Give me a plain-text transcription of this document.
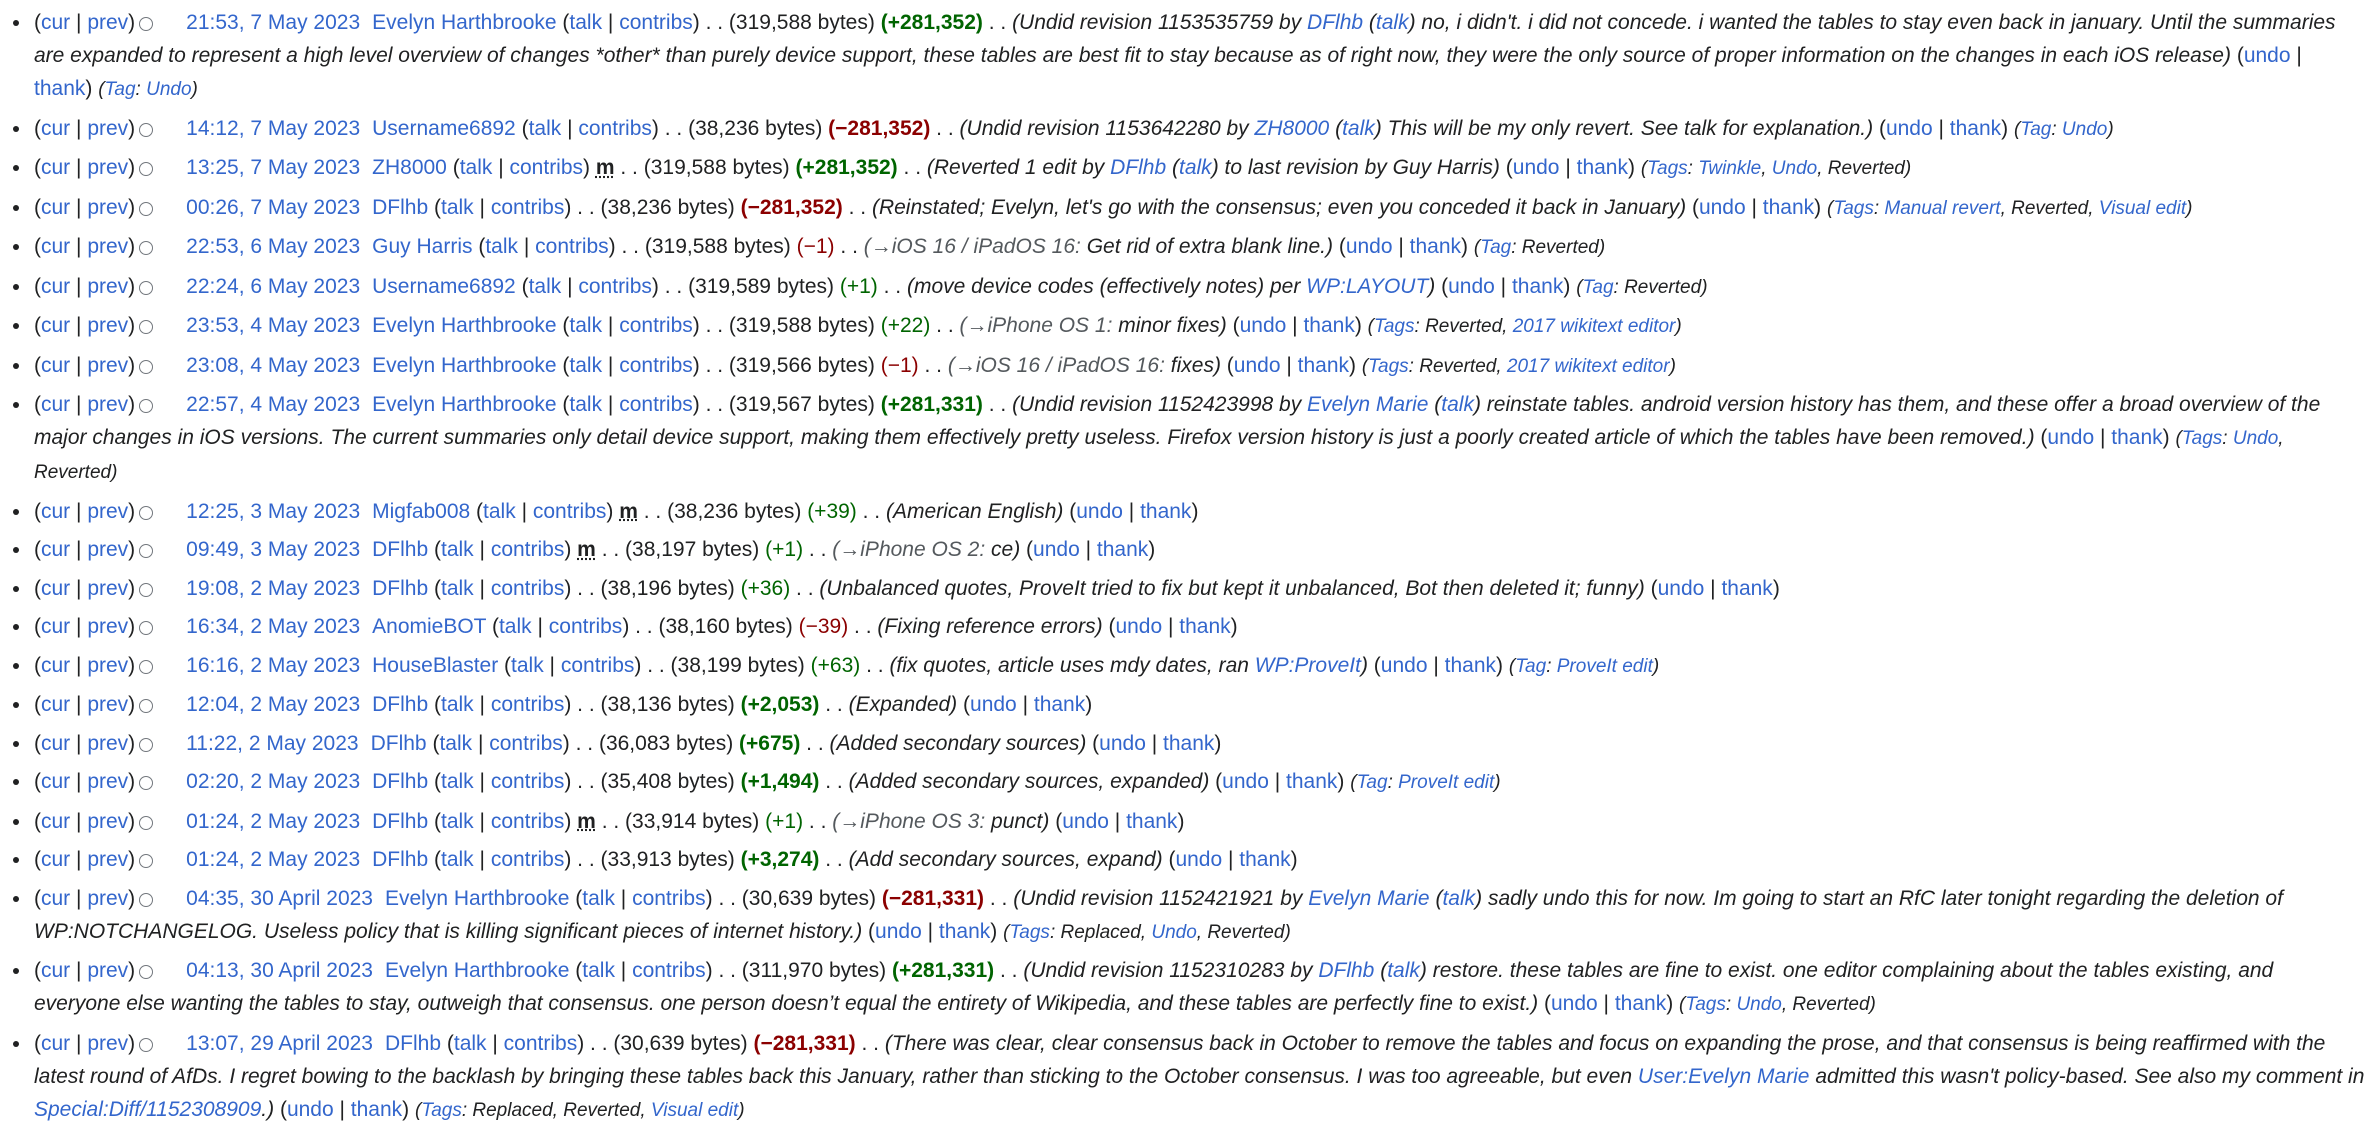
(cur | prev) 21:53, 7 May 2023 Evelyn Harthbrooke (talk | contribs) . . (319,588 bytes) (+281,352) . . (Undid revision 1153535759 by DFlhb (talk) no, i didn't. i did not concede. i wanted the tables to stay even back in january. Until the summaries are expanded to represent a high level overview of changes *other* than purely device support, these tables are best fit to stay because as of right now, they were the only source of proper information on the changes in each iOS release) (undo | thank) (Tag: Undo)
(cur | prev) 14:12, 7 May 2023 Username6892 (talk | contribs) . . (38,236 bytes) (−281,352) . . (Undid revision 1153642280 by ZH8000 (talk) This will be my only revert. See talk for explanation.) (undo | thank) (Tag: Undo)
(cur | prev) 13:25, 7 May 2023 ZH8000 (talk | contribs) m . . (319,588 bytes) (+281,352) . . (Reverted 1 edit by DFlhb (talk) to last revision by Guy Harris) (undo | thank) (Tags: Twinkle, Undo, Reverted)
(cur | prev) 00:26, 7 May 2023 DFlhb (talk | contribs) . . (38,236 bytes) (−281,352) . . (Reinstated; Evelyn, let's go with the consensus; even you conceded it back in January) (undo | thank) (Tags: Manual revert, Reverted, Visual edit)
(cur | prev) 22:53, 6 May 2023 Guy Harris (talk | contribs) . . (319,588 bytes) (−1) . . (→iOS 16 / iPadOS 16: Get rid of extra blank line.) (undo | thank) (Tag: Reverted)
(cur | prev) 22:24, 6 May 2023 Username6892 (talk | contribs) . . (319,589 bytes) (+1) . . (move device codes (effectively notes) per WP:LAYOUT) (undo | thank) (Tag: Reverted)
(cur | prev) 23:53, 4 May 2023 Evelyn Harthbrooke (talk | contribs) . . (319,588 bytes) (+22) . . (→iPhone OS 1: minor fixes) (undo | thank) (Tags: Reverted, 2017 wikitext editor)
(cur | prev) 23:08, 4 May 2023 Evelyn Harthbrooke (talk | contribs) . . (319,566 bytes) (−1) . . (→iOS 16 / iPadOS 16: fixes) (undo | thank) (Tags: Reverted, 2017 wikitext editor)
(cur | prev) 22:57, 4 May 2023 Evelyn Harthbrooke (talk | contribs) . . (319,567 bytes) (+281,331) . . (Undid revision 1152423998 by Evelyn Marie (talk) reinstate tables. android version history has them, and these offer a broad overview of the major changes in iOS versions. The current summaries only detail device support, making them effectively pretty useless. Firefox version history is just a poorly created article of which the tables have been removed.) (undo | thank) (Tags: Undo, Reverted)
(cur | prev) 12:25, 3 May 2023 Migfab008 (talk | contribs) m . . (38,236 bytes) (+39) . . (American English) (undo | thank)
(cur | prev) 09:49, 3 May 2023 DFlhb (talk | contribs) m . . (38,197 bytes) (+1) . . (→iPhone OS 2: ce) (undo | thank)
(cur | prev) 19:08, 2 May 2023 DFlhb (talk | contribs) . . (38,196 bytes) (+36) . . (Unbalanced quotes, ProveIt tried to fix but kept it unbalanced, Bot then deleted it; funny) (undo | thank)
(cur | prev) 16:34, 2 May 2023 AnomieBOT (talk | contribs) . . (38,160 bytes) (−39) . . (Fixing reference errors) (undo | thank)
(cur | prev) 16:16, 2 May 2023 HouseBlaster (talk | contribs) . . (38,199 bytes) (+63) . . (fix quotes, article uses mdy dates, ran WP:ProveIt) (undo | thank) (Tag: ProveIt edit)
(cur | prev) 12:04, 2 May 2023 DFlhb (talk | contribs) . . (38,136 bytes) (+2,053) . . (Expanded) (undo | thank)
(cur | prev) 11:22, 2 May 2023 DFlhb (talk | contribs) . . (36,083 bytes) (+675) . . (Added secondary sources) (undo | thank)
(cur | prev) 02:20, 2 May 2023 DFlhb (talk | contribs) . . (35,408 bytes) (+1,494) . . (Added secondary sources, expanded) (undo | thank) (Tag: ProveIt edit)
(cur | prev) 01:24, 2 May 2023 DFlhb (talk | contribs) m . . (33,914 bytes) (+1) . . (→iPhone OS 3: punct) (undo | thank)
(cur | prev) 01:24, 2 May 2023 DFlhb (talk | contribs) . . (33,913 bytes) (+3,274) . . (Add secondary sources, expand) (undo | thank)
(cur | prev) 04:35, 30 April 2023 Evelyn Harthbrooke (talk | contribs) . . (30,639 bytes) (−281,331) . . (Undid revision 1152421921 by Evelyn Marie (talk) sadly undo this for now. Im going to start an RfC later tonight regarding the deletion of WP:NOTCHANGELOG. Useless policy that is killing significant pieces of internet history.) (undo | thank) (Tags: Replaced, Undo, Reverted)
(cur | prev) 04:13, 30 April 2023 Evelyn Harthbrooke (talk | contribs) . . (311,970 bytes) (+281,331) . . (Undid revision 1152310283 by DFlhb (talk) restore. these tables are fine to exist. one editor complaining about the tables existing, and everyone else wanting the tables to stay, outweigh that consensus. one person doesn’t equal the entirety of Wikipedia, and these tables are perfectly fine to exist.) (undo | thank) (Tags: Undo, Reverted)
(cur | prev) 13:07, 29 April 2023 DFlhb (talk | contribs) . . (30,639 bytes) (−281,331) . . (There was clear, clear consensus back in October to remove the tables and focus on expanding the prose, and that consensus is being reaffirmed with the latest round of AfDs. I regret bowing to the backlash by bringing these tables back this January, rather than sticking to the October consensus. I was too agreeable, but even User:Evelyn Marie admitted this wasn't policy-based. See also my comment in Special:Diff/1152308909.) (undo | thank) (Tags: Replaced, Reverted, Visual edit)
